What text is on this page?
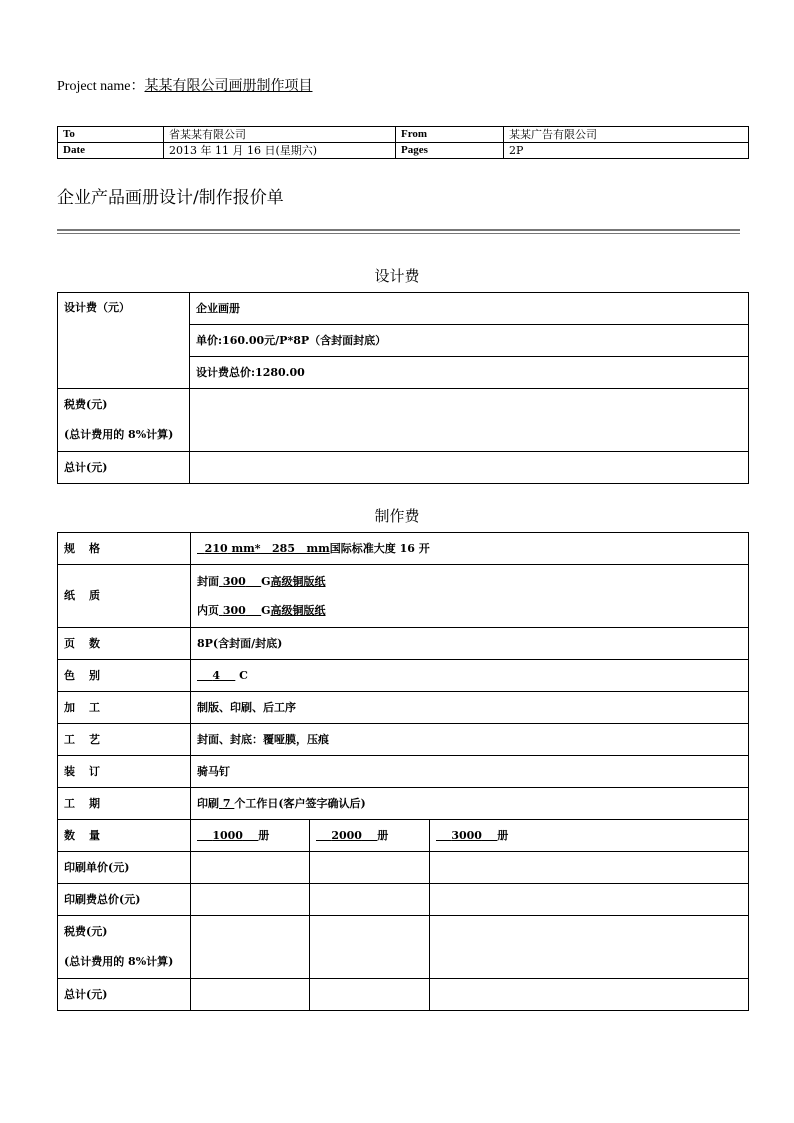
Project name：某某有限公司画册制作项目
To	省某某有限公司	From	某某广告有限公司
Date	2013 年 11 月 16 日(星期六)	Pages	2P
企业产品画册设计/制作报价单
设计费
设计费（元）	企业画册
	单价:160.00元/P*8P（含封面封底）
	设计费总价:1280.00

税费(元)
(总计费用的 8%计算)	

总计(元)	
制作费
规格	210 mm* 285 mm国际标准大度 16 开		
纸质	封面 300 G高级铜版纸
内页 300 G高级铜版纸		

页数	8P(含封面/封底)		
色别	4 C		
加工	制版、印刷、后工序		
工艺	封面、封底：覆哑膜，压痕		
装订	骑马钉		
工期	印刷 7 个工作日(客户签字确认后)		
数量	1000 册	2000 册	3000 册
印刷单价(元)			
印刷费总价(元)			

税费(元)
(总计费用的 8%计算)			

总计(元)			
